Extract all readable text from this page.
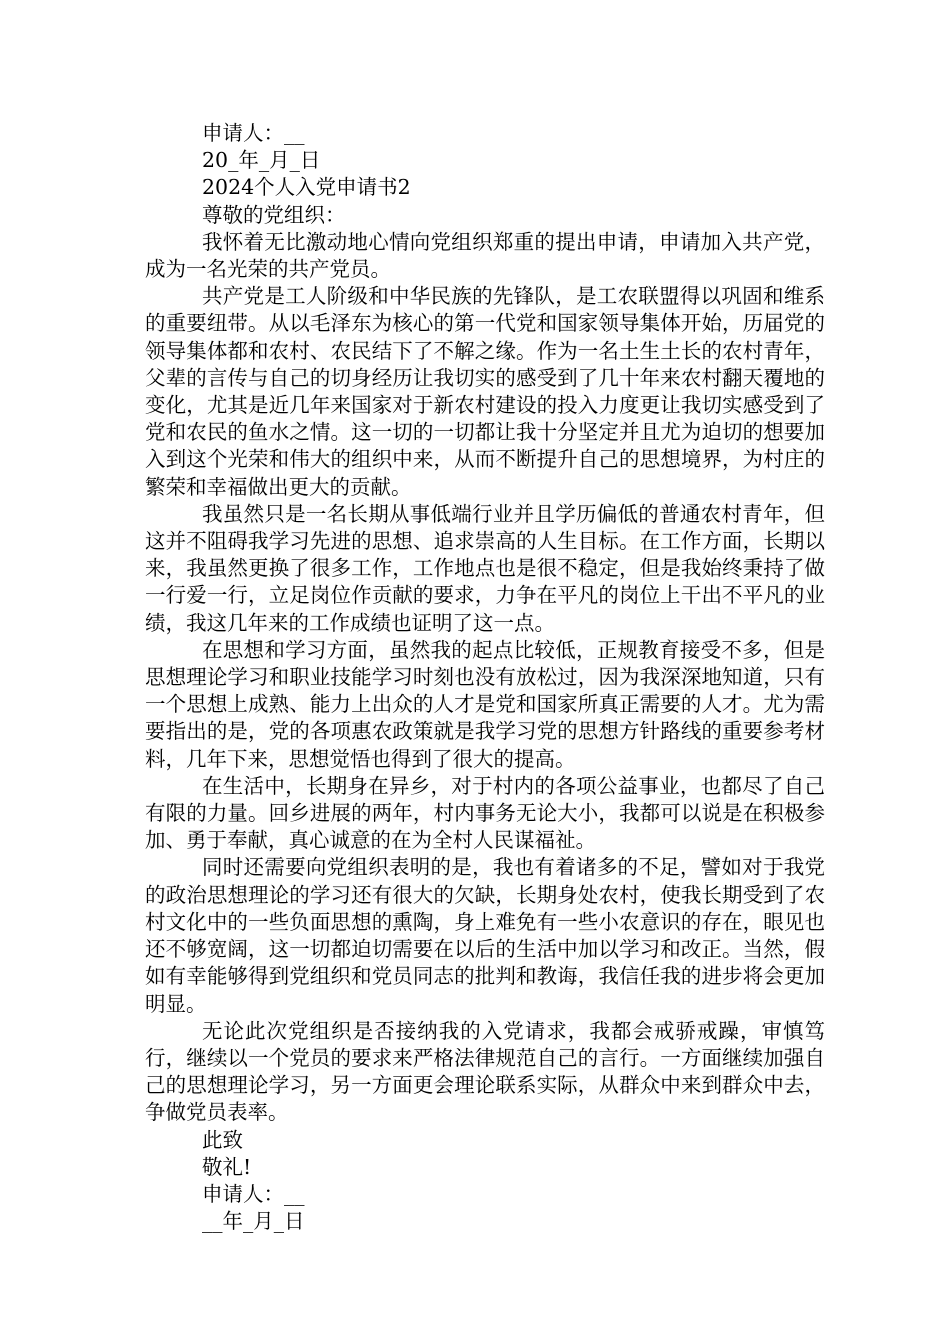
申请人：__
20_年_月_日
2024个人入党申请书2
尊敬的党组织：

我怀着无比激动地心情向党组织郑重的提出申请，申请加入共产党，成为一名光荣的共产党员。

共产党是工人阶级和中华民族的先锋队，是工农联盟得以巩固和维系的重要纽带。从以毛泽东为核心的第一代党和国家领导集体开始，历届党的领导集体都和农村、农民结下了不解之缘。作为一名土生土长的农村青年，父辈的言传与自己的切身经历让我切实的感受到了几十年来农村翻天覆地的变化，尤其是近几年来国家对于新农村建设的投入力度更让我切实感受到了党和农民的鱼水之情。这一切的一切都让我十分坚定并且尤为迫切的想要加入到这个光荣和伟大的组织中来，从而不断提升自己的思想境界，为村庄的繁荣和幸福做出更大的贡献。

我虽然只是一名长期从事低端行业并且学历偏低的普通农村青年，但这并不阻碍我学习先进的思想、追求崇高的人生目标。在工作方面，长期以来，我虽然更换了很多工作，工作地点也是很不稳定，但是我始终秉持了做一行爱一行，立足岗位作贡献的要求，力争在平凡的岗位上干出不平凡的业绩，我这几年来的工作成绩也证明了这一点。

在思想和学习方面，虽然我的起点比较低，正规教育接受不多，但是思想理论学习和职业技能学习时刻也没有放松过，因为我深深地知道，只有一个思想上成熟、能力上出众的人才是党和国家所真正需要的人才。尤为需要指出的是，党的各项惠农政策就是我学习党的思想方针路线的重要参考材料，几年下来，思想觉悟也得到了很大的提高。

在生活中，长期身在异乡，对于村内的各项公益事业，也都尽了自己有限的力量。回乡进展的两年，村内事务无论大小，我都可以说是在积极参加、勇于奉献，真心诚意的在为全村人民谋福祉。

同时还需要向党组织表明的是，我也有着诸多的不足，譬如对于我党的政治思想理论的学习还有很大的欠缺，长期身处农村，使我长期受到了农村文化中的一些负面思想的熏陶，身上难免有一些小农意识的存在，眼见也还不够宽阔，这一切都迫切需要在以后的生活中加以学习和改正。当然，假如有幸能够得到党组织和党员同志的批判和教诲，我信任我的进步将会更加明显。

无论此次党组织是否接纳我的入党请求，我都会戒骄戒躁，审慎笃行，继续以一个党员的要求来严格法律规范自己的言行。一方面继续加强自己的思想理论学习，另一方面更会理论联系实际，从群众中来到群众中去，争做党员表率。

此致
敬礼!
申请人：__
__年_月_日
